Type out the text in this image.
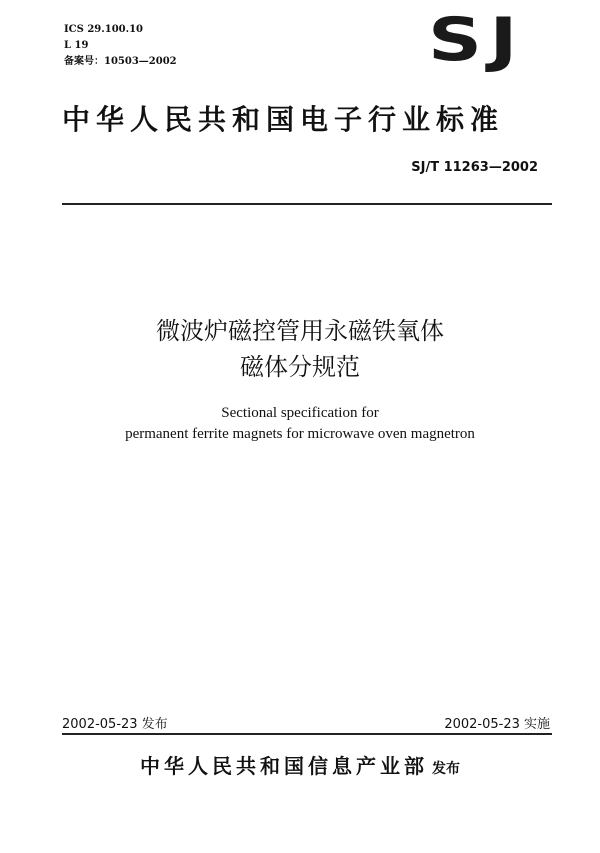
ICS 29.100.10
L 19
备案号：10503—2002	SJ
中华人民共和国电子行业标准
SJ/T 11263—2002
微波炉磁控管用永磁铁氧体
磁体分规范
Sectional specification for
permanent ferrite magnets for microwave oven magnetron
2002-05-23 发布	2002-05-23 实施
中华人民共和国信息产业部 发布
